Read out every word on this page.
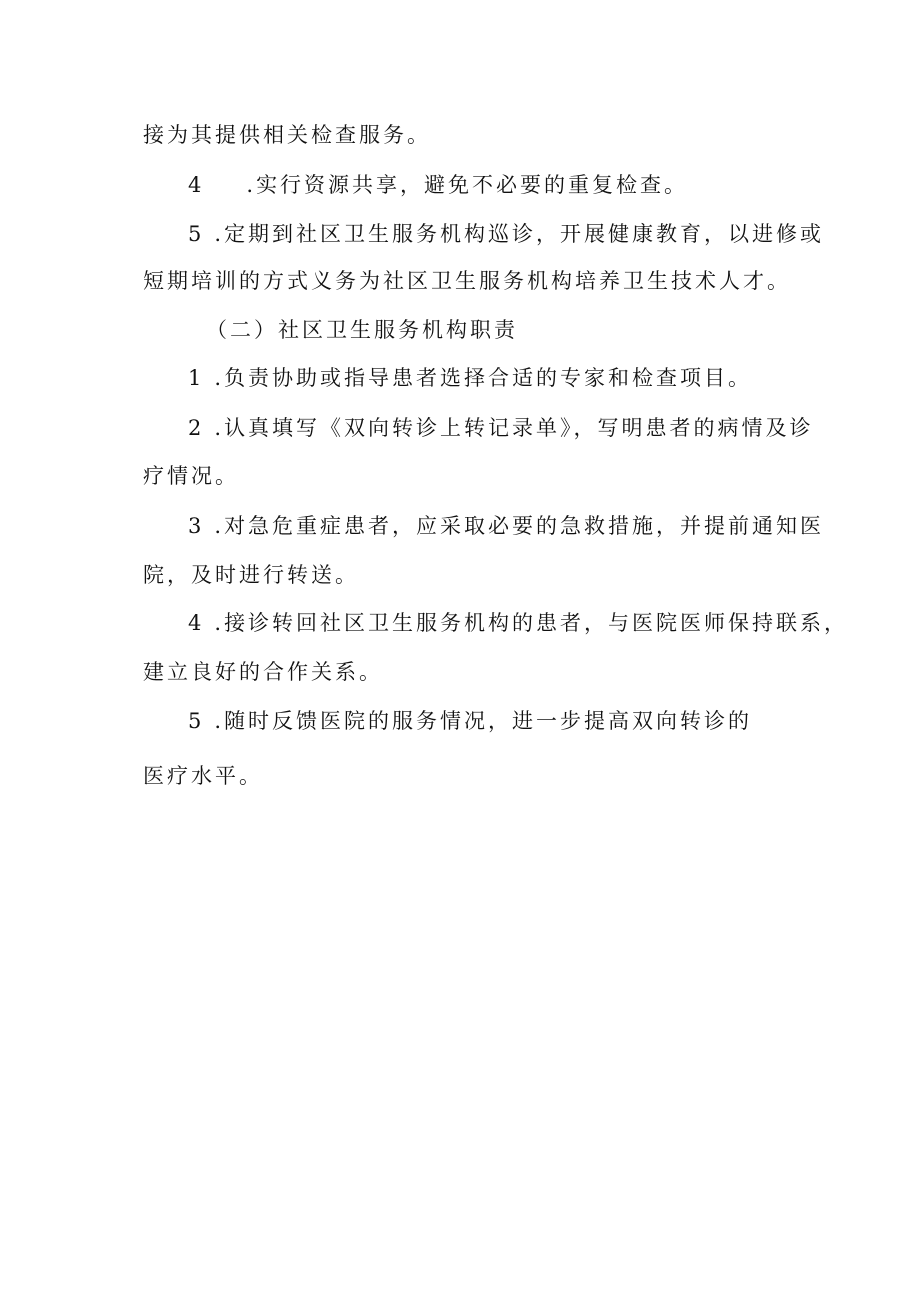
接为其提供相关检查服务。
4 .实行资源共享，避免不必要的重复检查。
5 .定期到社区卫生服务机构巡诊，开展健康教育，以进修或
短期培训的方式义务为社区卫生服务机构培养卫生技术人才。
（二）社区卫生服务机构职责
1 .负责协助或指导患者选择合适的专家和检查项目。
2 .认真填写《双向转诊上转记录单》，写明患者的病情及诊
疗情况。
3 .对急危重症患者，应采取必要的急救措施，并提前通知医
院，及时进行转送。
4 .接诊转回社区卫生服务机构的患者，与医院医师保持联系，
建立良好的合作关系。
5 .随时反馈医院的服务情况，进一步提高双向转诊的
医疗水平。
